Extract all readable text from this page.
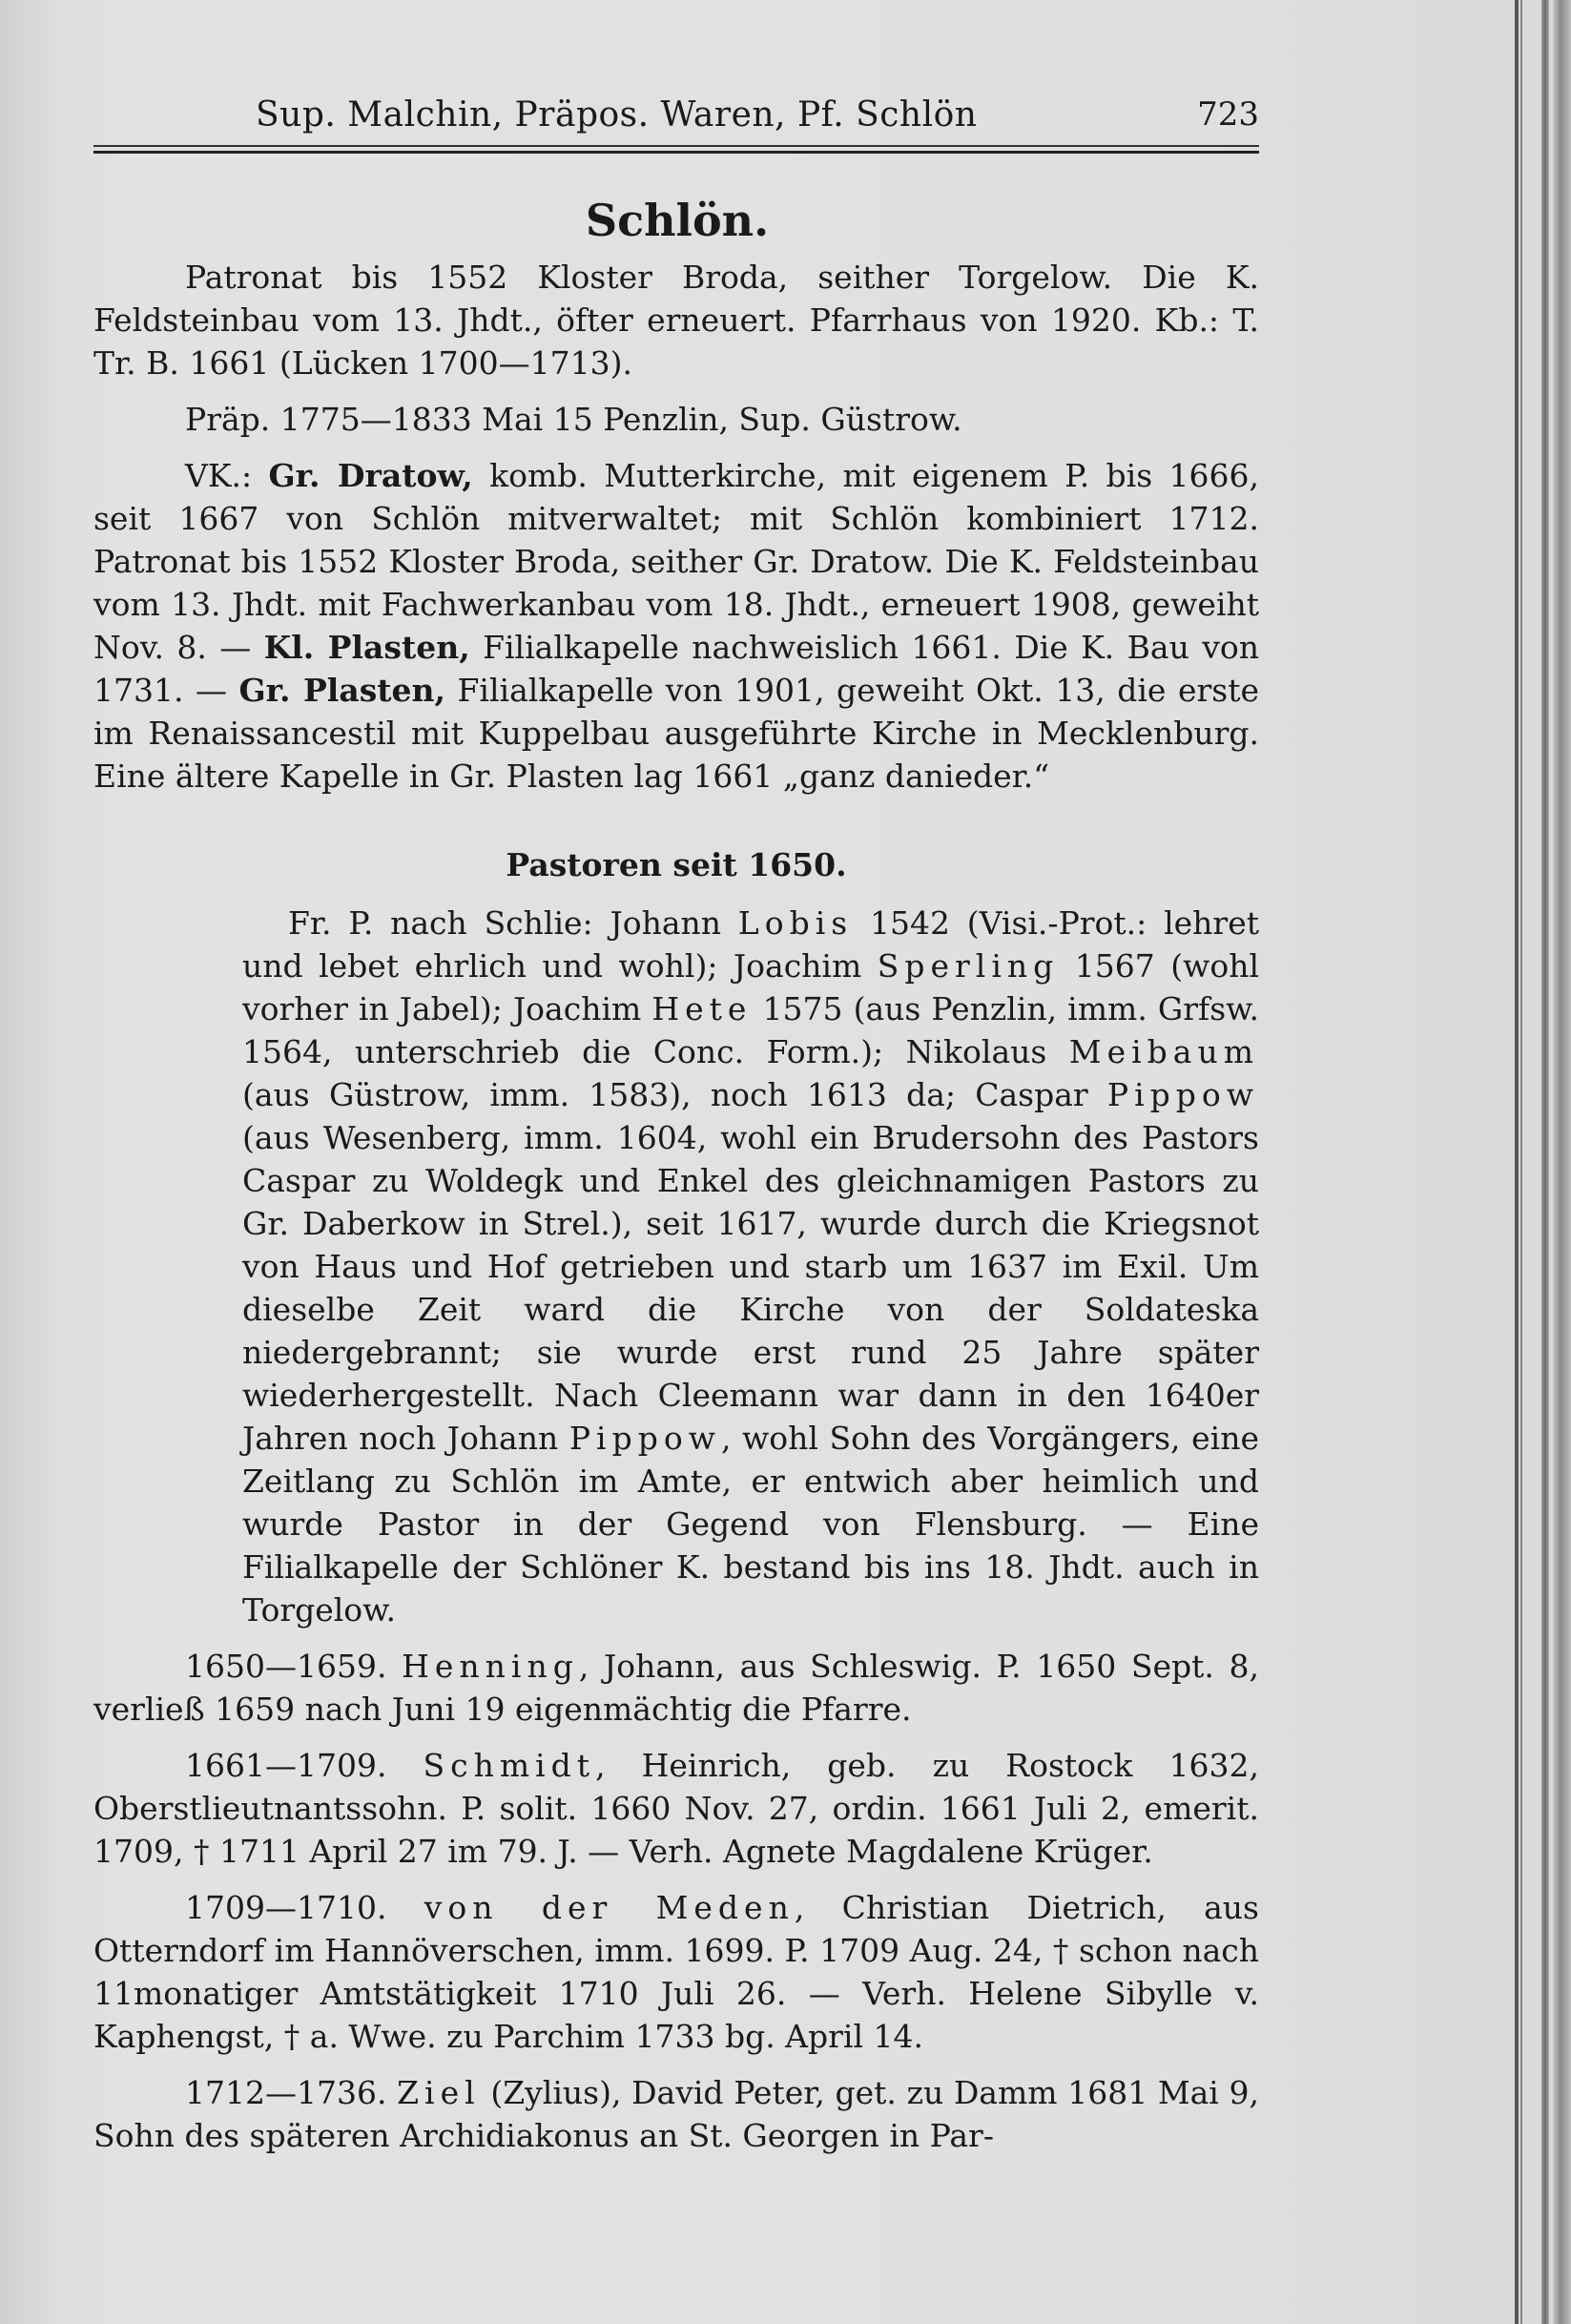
Sup. Malchin, Präpos. Waren, Pf. Schlön	723
Schlön.

Patronat bis 1552 Kloster Broda, seither Torgelow. Die K. Feldsteinbau vom 13. Jhdt., öfter erneuert. Pfarrhaus von 1920. Kb.: T. Tr. B. 1661 (Lücken 1700—1713).

Präp. 1775—1833 Mai 15 Penzlin, Sup. Güstrow.

VK.: Gr. Dratow, komb. Mutterkirche, mit eigenem P. bis 1666, seit 1667 von Schlön mitverwaltet; mit Schlön kombiniert 1712. Patronat bis 1552 Kloster Broda, seither Gr. Dratow. Die K. Feldsteinbau vom 13. Jhdt. mit Fachwerkanbau vom 18. Jhdt., erneuert 1908, geweiht Nov. 8. — Kl. Plasten, Filialkapelle nachweislich 1661. Die K. Bau von 1731. — Gr. Plasten, Filialkapelle von 1901, geweiht Okt. 13, die erste im Renaissancestil mit Kuppelbau ausgeführte Kirche in Mecklenburg. Eine ältere Kapelle in Gr. Plasten lag 1661 „ganz danieder.“

Pastoren seit 1650.

Fr. P. nach Schlie: Johann Lobis 1542 (Visi.-Prot.: lehret und lebet ehrlich und wohl); Joachim Sperling 1567 (wohl vorher in Jabel); Joachim Hete 1575 (aus Penzlin, imm. Grfsw. 1564, unterschrieb die Conc. Form.); Nikolaus Meibaum (aus Güstrow, imm. 1583), noch 1613 da; Caspar Pippow (aus Wesenberg, imm. 1604, wohl ein Brudersohn des Pastors Caspar zu Woldegk und Enkel des gleichnamigen Pastors zu Gr. Daberkow in Strel.), seit 1617, wurde durch die Kriegsnot von Haus und Hof getrieben und starb um 1637 im Exil. Um dieselbe Zeit ward die Kirche von der Soldateska niedergebrannt; sie wurde erst rund 25 Jahre später wiederhergestellt. Nach Cleemann war dann in den 1640er Jahren noch Johann Pippow, wohl Sohn des Vorgängers, eine Zeitlang zu Schlön im Amte, er entwich aber heimlich und wurde Pastor in der Gegend von Flensburg. — Eine Filialkapelle der Schlöner K. bestand bis ins 18. Jhdt. auch in Torgelow.

1650—1659. Henning, Johann, aus Schleswig. P. 1650 Sept. 8, verließ 1659 nach Juni 19 eigenmächtig die Pfarre.

1661—1709. Schmidt, Heinrich, geb. zu Rostock 1632, Oberstlieutnantssohn. P. solit. 1660 Nov. 27, ordin. 1661 Juli 2, emerit. 1709, † 1711 April 27 im 79. J. — Verh. Agnete Magdalene Krüger.

1709—1710. von der Meden, Christian Dietrich, aus Otterndorf im Hannöverschen, imm. 1699. P. 1709 Aug. 24, † schon nach 11monatiger Amtstätigkeit 1710 Juli 26. — Verh. Helene Sibylle v. Kaphengst, † a. Wwe. zu Parchim 1733 bg. April 14.

1712—1736. Ziel (Zylius), David Peter, get. zu Damm 1681 Mai 9, Sohn des späteren Archidiakonus an St. Georgen in Par-
